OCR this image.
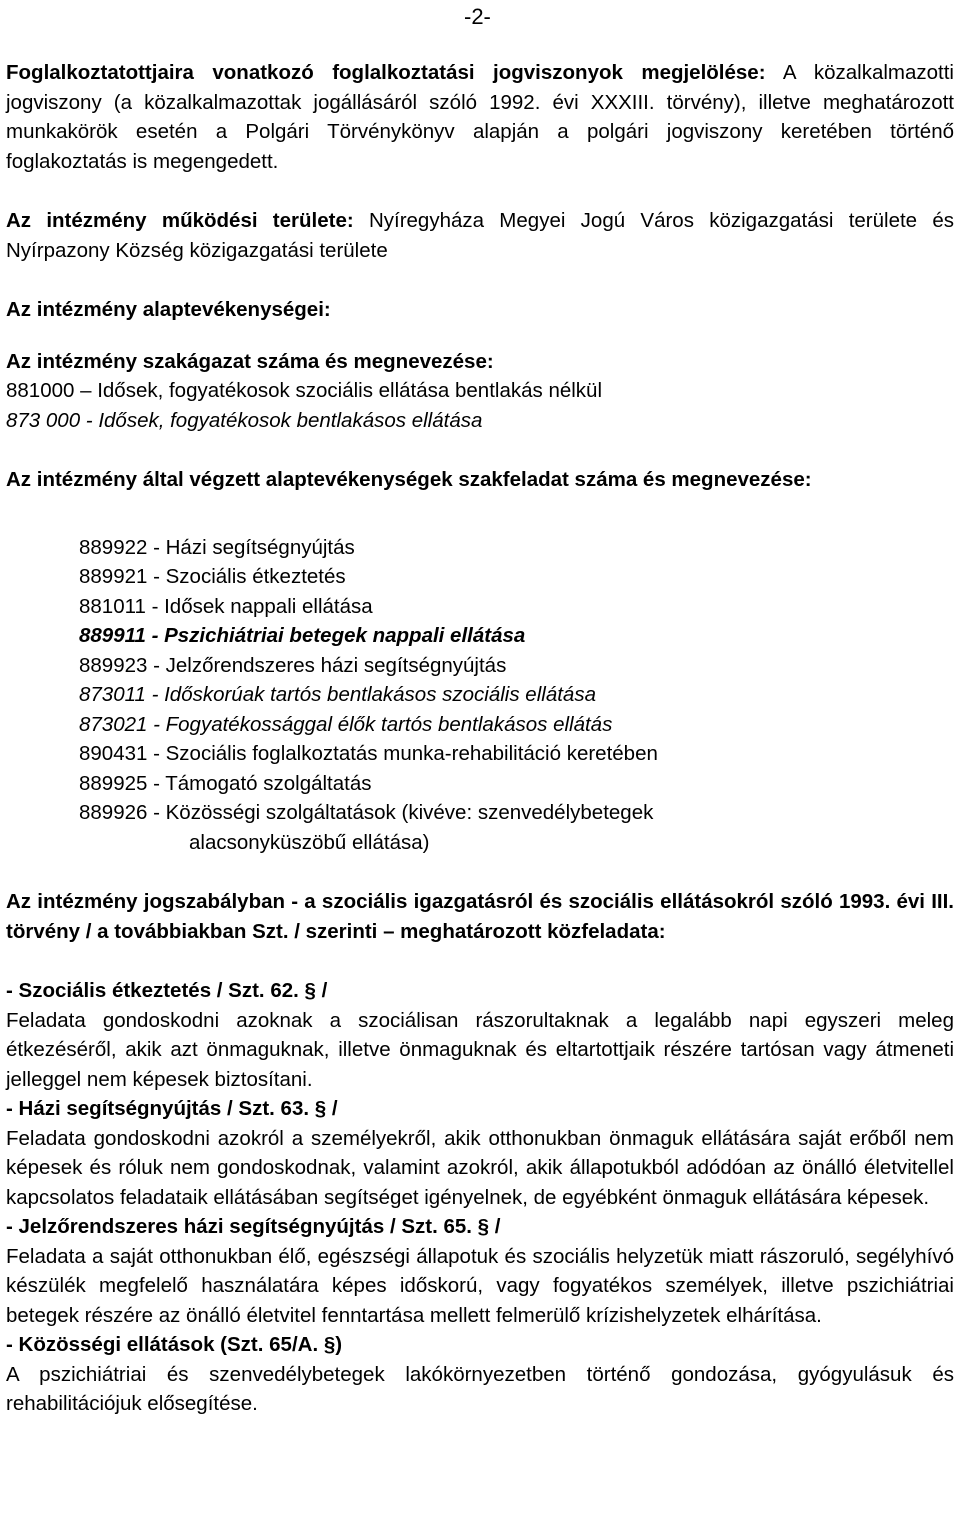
-2-

Foglalkoztatottjaira vonatkozó foglalkoztatási jogviszonyok megjelölése: A közalkalmazotti jogviszony (a közalkalmazottak jogállásáról szóló 1992. évi XXXIII. törvény), illetve meghatározott munkakörök esetén a Polgári Törvénykönyv alapján a polgári jogviszony keretében történő foglakoztatás is megengedett.

Az intézmény működési területe: Nyíregyháza Megyei Jogú Város közigazgatási területe és Nyírpazony Község közigazgatási területe

Az intézmény alaptevékenységei:

Az intézmény szakágazat száma és megnevezése:

881000 – Idősek, fogyatékosok szociális ellátása bentlakás nélkül

873 000 - Idősek, fogyatékosok bentlakásos ellátása

Az intézmény által végzett alaptevékenységek szakfeladat száma és megnevezése:

889922 - Házi segítségnyújtás

889921 - Szociális étkeztetés

881011 - Idősek nappali ellátása

889911 - Pszichiátriai betegek nappali ellátása

889923 - Jelzőrendszeres házi segítségnyújtás

873011 - Időskorúak tartós bentlakásos szociális ellátása

873021 - Fogyatékossággal élők tartós bentlakásos ellátás

890431 - Szociális foglalkoztatás munka-rehabilitáció keretében

889925 - Támogató szolgáltatás

889926 - Közösségi szolgáltatások (kivéve: szenvedélybetegek

alacsonyküszöbű ellátása)

Az intézmény jogszabályban - a szociális igazgatásról és szociális ellátásokról szóló 1993. évi III. törvény / a továbbiakban Szt. / szerinti – meghatározott közfeladata:

- Szociális étkeztetés / Szt. 62. § /

Feladata gondoskodni azoknak a szociálisan rászorultaknak a legalább napi egyszeri meleg étkezéséről, akik azt önmaguknak, illetve önmaguknak és eltartottjaik részére tartósan vagy átmeneti jelleggel nem képesek biztosítani.

- Házi segítségnyújtás / Szt. 63. § /

Feladata gondoskodni azokról a személyekről, akik otthonukban önmaguk ellátására saját erőből nem képesek és róluk nem gondoskodnak, valamint azokról, akik állapotukból adódóan az önálló életvitellel kapcsolatos feladataik ellátásában segítséget igényelnek, de egyébként önmaguk ellátására képesek.

- Jelzőrendszeres házi segítségnyújtás / Szt. 65. § /

Feladata a saját otthonukban élő, egészségi állapotuk és szociális helyzetük miatt rászoruló, segélyhívó készülék megfelelő használatára képes időskorú, vagy fogyatékos személyek, illetve pszichiátriai betegek részére az önálló életvitel fenntartása mellett felmerülő krízishelyzetek elhárítása.

- Közösségi ellátások (Szt. 65/A. §)

A pszichiátriai és szenvedélybetegek lakókörnyezetben történő gondozása, gyógyulásuk és rehabilitációjuk elősegítése.
